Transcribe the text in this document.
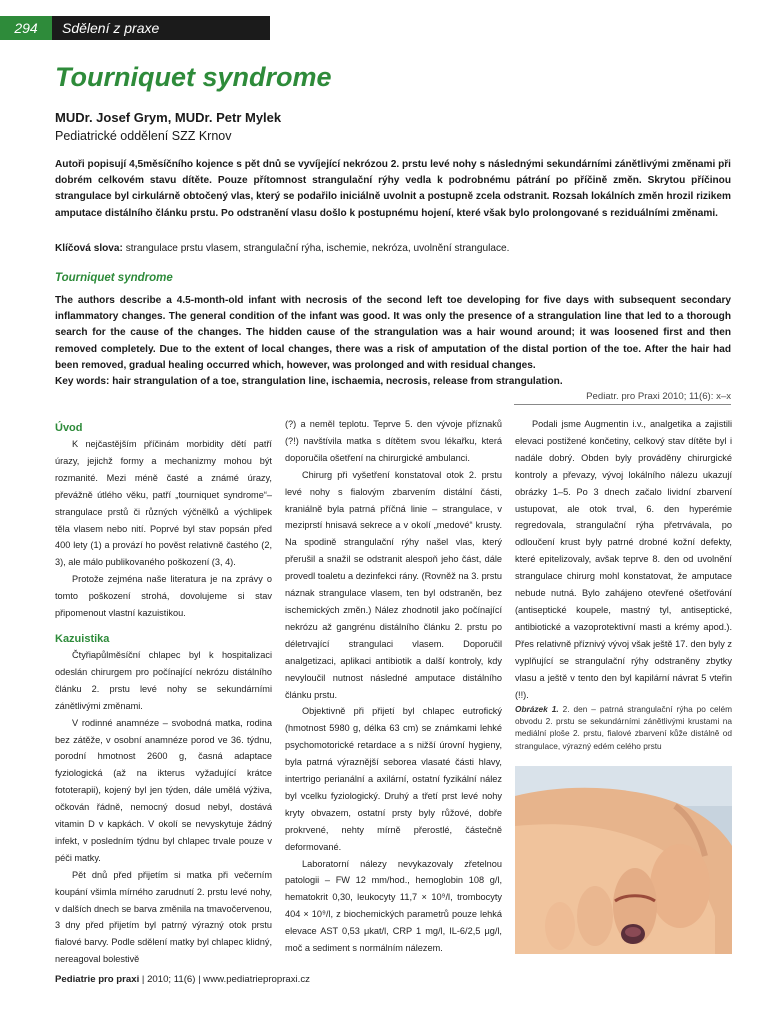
294	Sdělení z praxe
Tourniquet syndrome
MUDr. Josef Grym, MUDr. Petr Mylek
Pediatrické oddělení SZZ Krnov

Autoři popisují 4,5měsíčního kojence s pět dnů se vyvíjející nekrózou 2. prstu levé nohy s následnými sekundárními zánětlivými změnami při dobrém celkovém stavu dítěte. Pouze přítomnost strangulační rýhy vedla k podrobnému pátrání po příčině změn. Skrytou příčinou strangulace byl cirkulárně obtočený vlas, který se podařilo iniciálně uvolnit a postupně zcela odstranit. Rozsah lokálních změn hrozil rizikem amputace distálního článku prstu. Po odstranění vlasu došlo k postupnému hojení, které však bylo prolongované s reziduálními změnami.

Klíčová slova: strangulace prstu vlasem, strangulační rýha, ischemie, nekróza, uvolnění strangulace.
Tourniquet syndrome

The authors describe a 4.5-month-old infant with necrosis of the second left toe developing for five days with subsequent secondary inflammatory changes. The general condition of the infant was good. It was only the presence of a strangulation line that led to a thorough search for the cause of the changes. The hidden cause of the strangulation was a hair wound around; it was loosened first and then removed completely. Due to the extent of local changes, there was a risk of amputation of the distal portion of the toe. After the hair had been removed, gradual healing occurred which, however, was prolonged and with residual changes.

Key words: hair strangulation of a toe, strangulation line, ischaemia, necrosis, release from strangulation.
Pediatr. pro Praxi 2010; 11(6): x–x
Úvod

K nejčastějším příčinám morbidity dětí patří úrazy, jejichž formy a mechanizmy mohou být rozmanité. Mezi méně časté a známé úrazy, převážně útlého věku, patří „tourniquet syndrome“– strangulace prstů či různých výčnělků a výchlipek těla vlasem nebo nití. Poprvé byl stav popsán před 400 lety (1) a provází ho pověst relativně častého (2, 3), ale málo publikovaného poškození (3, 4).

Protože zejména naše literatura je na zprávy o tomto poškození strohá, dovolujeme si stav připomenout vlastní kazuistikou.

Kazuistika

Čtyřiapůlměsíční chlapec byl k hospitalizaci odeslán chirurgem pro počínající nekrózu distálního článku 2. prstu levé nohy se sekundárními zánětlivými změnami.

V rodinné anamnéze – svobodná matka, rodina bez zátěže, v osobní anamnéze porod ve 36. týdnu, porodní hmotnost 2600 g, časná adaptace fyziologická (až na ikterus vyžadující krátce fototerapii), kojený byl jen týden, dále umělá výživa, očkován řádně, nemocný dosud nebyl, dostává vitamin D v kapkách. V okolí se nevyskytuje žádný infekt, v posledním týdnu byl chlapec trvale pouze v péči matky.

Pět dnů před přijetím si matka při večerním koupání všimla mírného zarudnutí 2. prstu levé nohy, v dalších dnech se barva změnila na tmavočervenou, 3 dny před přijetím byl patrný výrazný otok prstu fialové barvy. Podle sdělení matky byl chlapec klidný, nereagoval bolestivě

(?) a neměl teplotu. Teprve 5. den vývoje příznaků (?!) navštívila matka s dítětem svou lékařku, která doporučila ošetření na chirurgické ambulanci.

Chirurg při vyšetření konstatoval otok 2. prstu levé nohy s fialovým zbarvením distální části, kraniálně byla patrná příčná linie – strangulace, v meziprstí hnisavá sekrece a v okolí „medové“ krusty. Na spodině strangulační rýhy našel vlas, který přerušil a snažil se odstranit alespoň jeho část, dále provedl toaletu a dezinfekci rány. (Rovněž na 3. prstu náznak strangulace vlasem, ten byl odstraněn, bez ischemických změn.) Nález zhodnotil jako počínající nekrózu až gangrénu distálního článku 2. prstu po déletrvající strangulaci vlasem. Doporučil analgetizaci, aplikaci antibiotik a další kontroly, kdy nevyloučil nutnost následné amputace distálního článku prstu.

Objektivně při přijetí byl chlapec eutrofický (hmotnost 5980 g, délka 63 cm) se známkami lehké psychomotorické retardace a s nižší úrovní hygieny, byla patrná výraznější seborea vlasaté části hlavy, intertrigo perianální a axilární, ostatní fyzikální nález byl vcelku fyziologický. Druhý a třetí prst levé nohy kryty obvazem, ostatní prsty byly růžové, dobře prokrvené, nehty mírně přerostlé, částečně deformované.

Laboratorní nálezy nevykazovaly zřetelnou patologii – FW 12 mm/hod., hemoglobin 108 g/l, hematokrit 0,30, leukocyty 11,7 × 10⁹/l, trombocyty 404 × 10⁹/l, z biochemických parametrů pouze lehká elevace AST 0,53 μkat/l, CRP 1 mg/l, IL-6/2,5 μg/l, moč a sediment s normálním nálezem.

Podali jsme Augmentin i.v., analgetika a zajistili elevaci postižené končetiny, celkový stav dítěte byl i nadále dobrý. Obden byly prováděny chirurgické kontroly a převazy, vývoj lokálního nálezu ukazují obrázky 1–5. Po 3 dnech začalo lividní zbarvení ustupovat, ale otok trval, 6. den hyperémie regredovala, strangulační rýha přetrvávala, po odloučení krust byly patrné drobné kožní defekty, které epitelizovaly, avšak teprve 8. den od uvolnění strangulace chirurg mohl konstatovat, že amputace nebude nutná. Bylo zahájeno otevřené ošetřování (antiseptické koupele, mastný tyl, antiseptické, antibiotické a vazoprotektivní masti a krémy apod.). Přes relativně příznivý vývoj však ještě 17. den byly z vyplňující se strangulační rýhy odstraněny zbytky vlasu a ještě v tento den byl kapilární návrat 5 vteřin (!!).

Obrázek 1. 2. den – patrná strangulační rýha po celém obvodu 2. prstu se sekundárními zánětlivými krustami na mediální ploše 2. prstu, fialové zbarvení kůže distálně od strangulace, výrazný edém celého prstu

Pediatrie pro praxi | 2010; 11(6) | www.pediatriepropraxi.cz
